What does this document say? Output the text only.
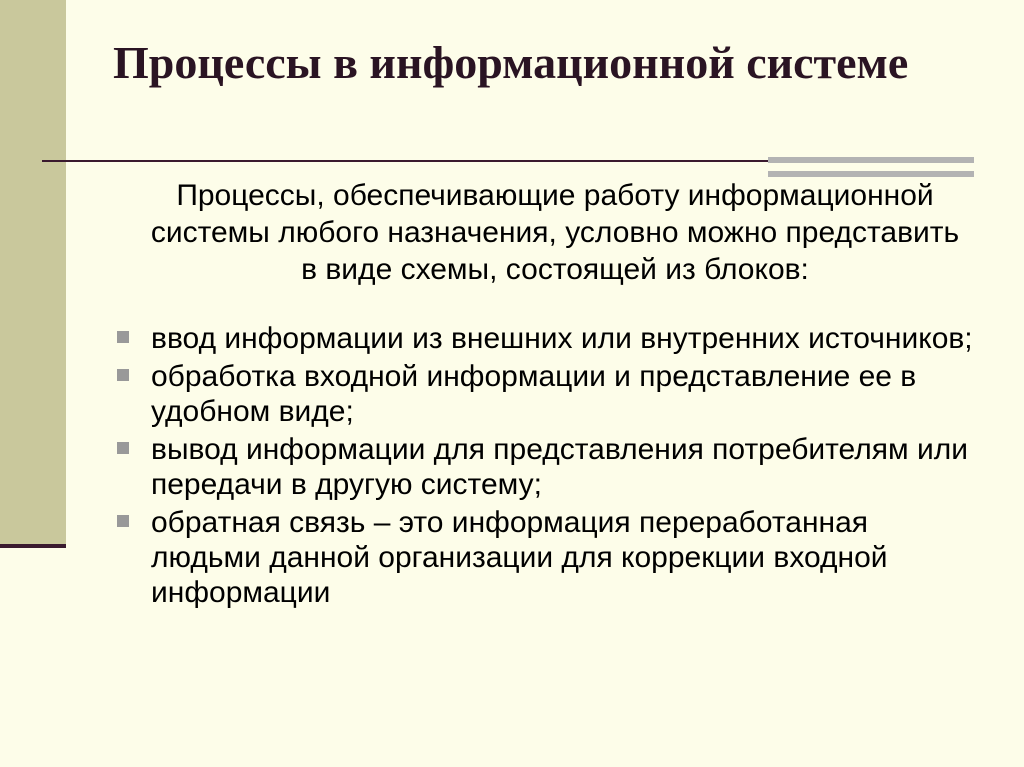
Процессы в информационной системе

Процессы, обеспечивающие работу информационной системы любого назначения, условно можно представить в виде схемы, состоящей из блоков:

ввод информации из внешних или внутренних источников;
обработка входной информации и представление ее в удобном виде;
вывод информации для представления потребителям или передачи в другую систему;
обратная связь – это информация переработанная людьми данной организации для коррекции входной информации
